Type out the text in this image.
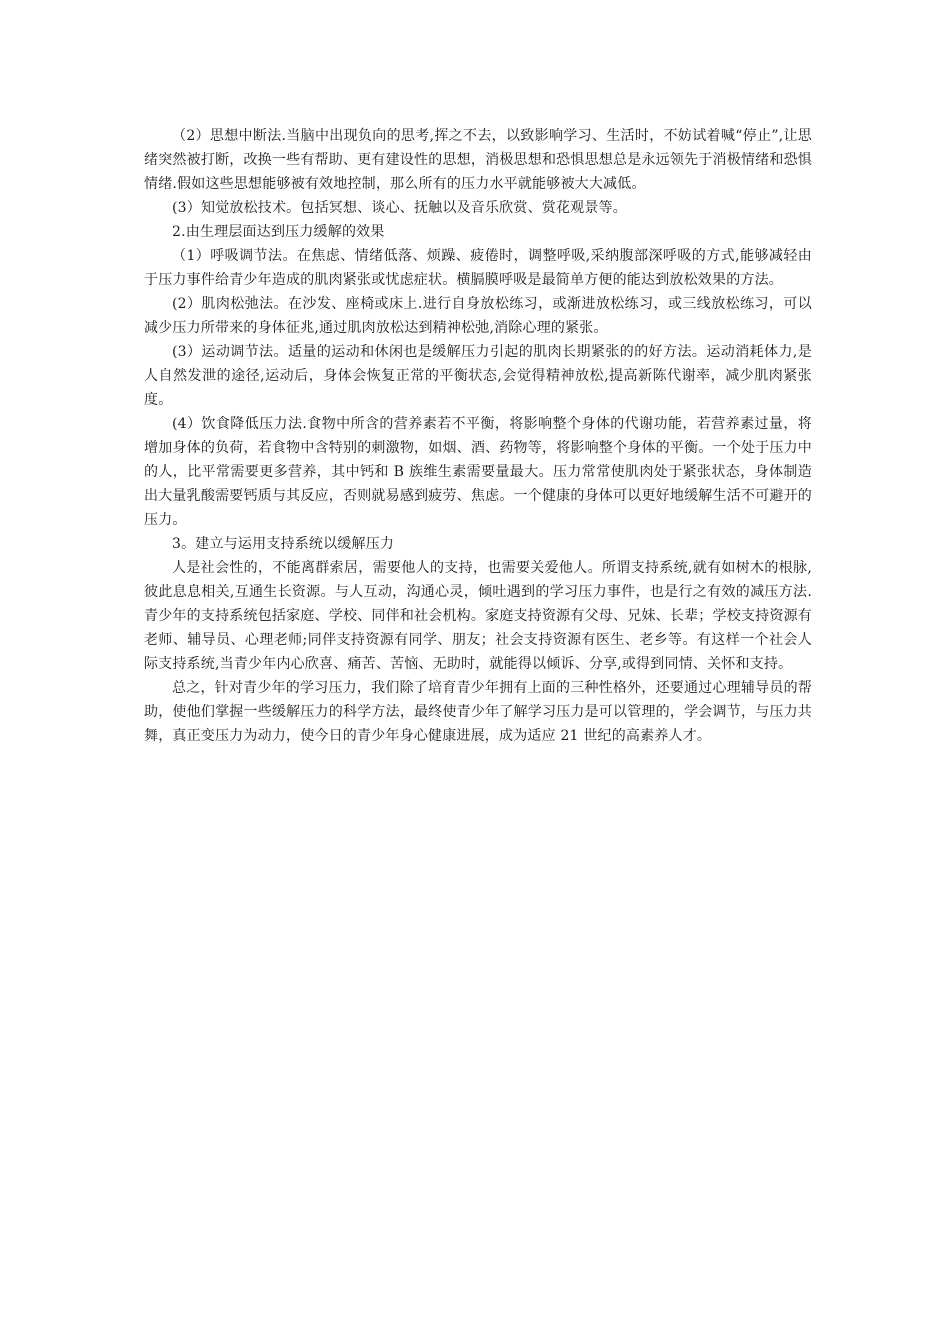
（2）思想中断法.当脑中出现负向的思考,挥之不去，以致影响学习、生活时，不妨试着喊“停止”,让思绪突然被打断，改换一些有帮助、更有建设性的思想，消极思想和恐惧思想总是永远领先于消极情绪和恐惧情绪.假如这些思想能够被有效地控制，那么所有的压力水平就能够被大大减低。

(3）知觉放松技术。包括冥想、谈心、抚触以及音乐欣赏、赏花观景等。

2.由生理层面达到压力缓解的效果

（1）呼吸调节法。在焦虑、情绪低落、烦躁、疲倦时，调整呼吸,采纳腹部深呼吸的方式,能够减轻由于压力事件给青少年造成的肌肉紧张或忧虑症状。横膈膜呼吸是最简单方便的能达到放松效果的方法。

(2）肌肉松弛法。在沙发、座椅或床上.进行自身放松练习，或渐进放松练习，或三线放松练习，可以减少压力所带来的身体征兆,通过肌肉放松达到精神松弛,消除心理的紧张。

(3）运动调节法。适量的运动和休闲也是缓解压力引起的肌肉长期紧张的的好方法。运动消耗体力,是人自然发泄的途径,运动后，身体会恢复正常的平衡状态,会觉得精神放松,提高新陈代谢率，减少肌肉紧张度。

(4）饮食降低压力法.食物中所含的营养素若不平衡，将影响整个身体的代谢功能，若营养素过量，将增加身体的负荷，若食物中含特别的刺激物，如烟、酒、药物等，将影响整个身体的平衡。一个处于压力中的人，比平常需要更多营养，其中钙和 B 族维生素需要量最大。压力常常使肌肉处于紧张状态，身体制造出大量乳酸需要钙质与其反应，否则就易感到疲劳、焦虑。一个健康的身体可以更好地缓解生活不可避开的压力。

3。建立与运用支持系统以缓解压力

人是社会性的，不能离群索居，需要他人的支持，也需要关爱他人。所谓支持系统,就有如树木的根脉,彼此息息相关,互通生长资源。与人互动，沟通心灵，倾吐遇到的学习压力事件，也是行之有效的减压方法.青少年的支持系统包括家庭、学校、同伴和社会机构。家庭支持资源有父母、兄妹、长辈；学校支持资源有老师、辅导员、心理老师;同伴支持资源有同学、朋友；社会支持资源有医生、老乡等。有这样一个社会人际支持系统,当青少年内心欣喜、痛苦、苦恼、无助时，就能得以倾诉、分享,或得到同情、关怀和支持。

总之，针对青少年的学习压力，我们除了培育青少年拥有上面的三种性格外，还要通过心理辅导员的帮助，使他们掌握一些缓解压力的科学方法，最终使青少年了解学习压力是可以管理的，学会调节，与压力共舞，真正变压力为动力，使今日的青少年身心健康进展，成为适应 21 世纪的高素养人才。
